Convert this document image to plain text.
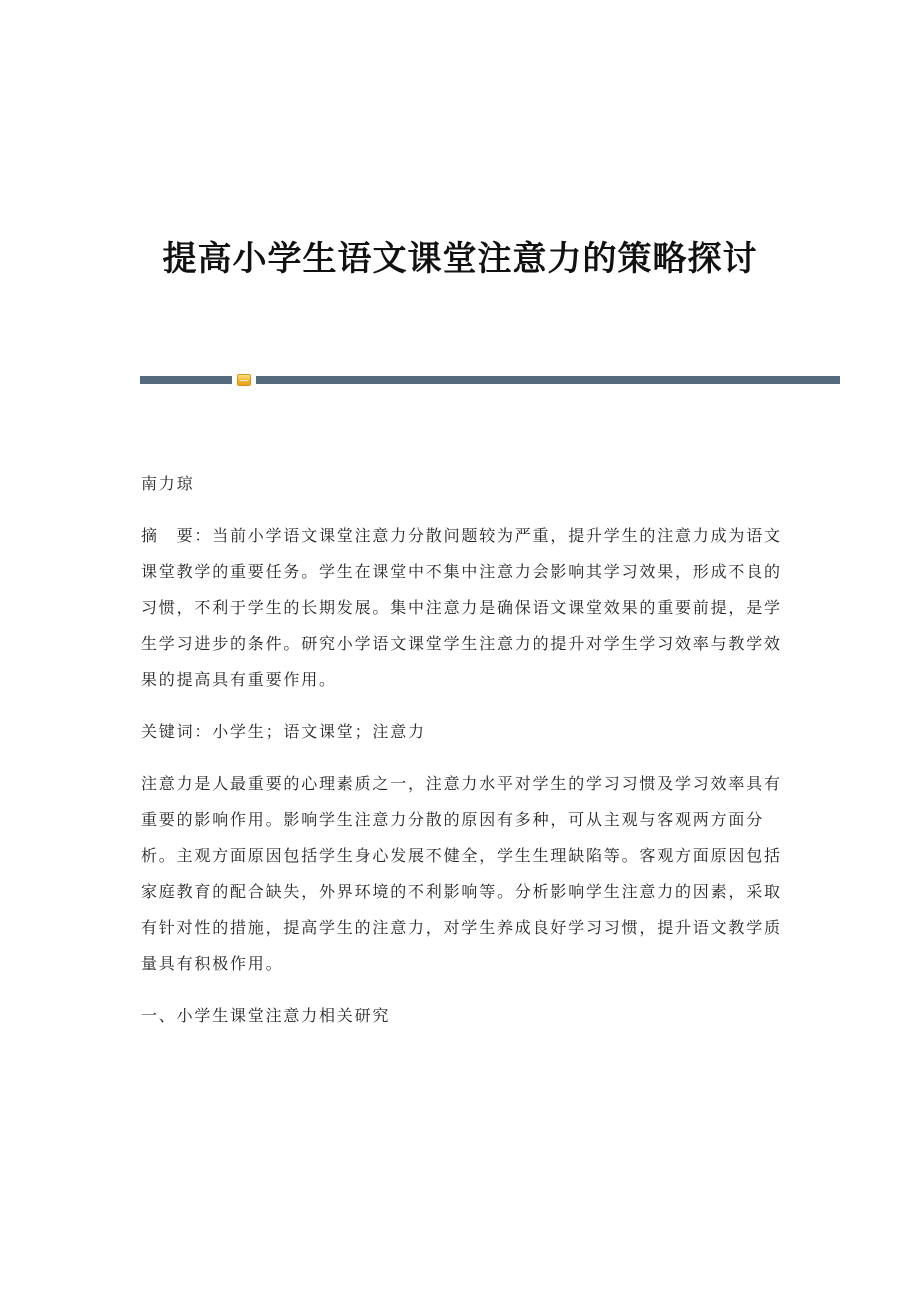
提高小学生语文课堂注意力的策略探讨

南力琼

摘　要：当前小学语文课堂注意力分散问题较为严重，提升学生的注意力成为语文课堂教学的重要任务。学生在课堂中不集中注意力会影响其学习效果，形成不良的习惯，不利于学生的长期发展。集中注意力是确保语文课堂效果的重要前提，是学生学习进步的条件。研究小学语文课堂学生注意力的提升对学生学习效率与教学效果的提高具有重要作用。

关键词：小学生；语文课堂；注意力

注意力是人最重要的心理素质之一，注意力水平对学生的学习习惯及学习效率具有重要的影响作用。影响学生注意力分散的原因有多种，可从主观与客观两方面分析。主观方面原因包括学生身心发展不健全，学生生理缺陷等。客观方面原因包括家庭教育的配合缺失，外界环境的不利影响等。分析影响学生注意力的因素，采取有针对性的措施，提高学生的注意力，对学生养成良好学习习惯，提升语文教学质量具有积极作用。

一、小学生课堂注意力相关研究
